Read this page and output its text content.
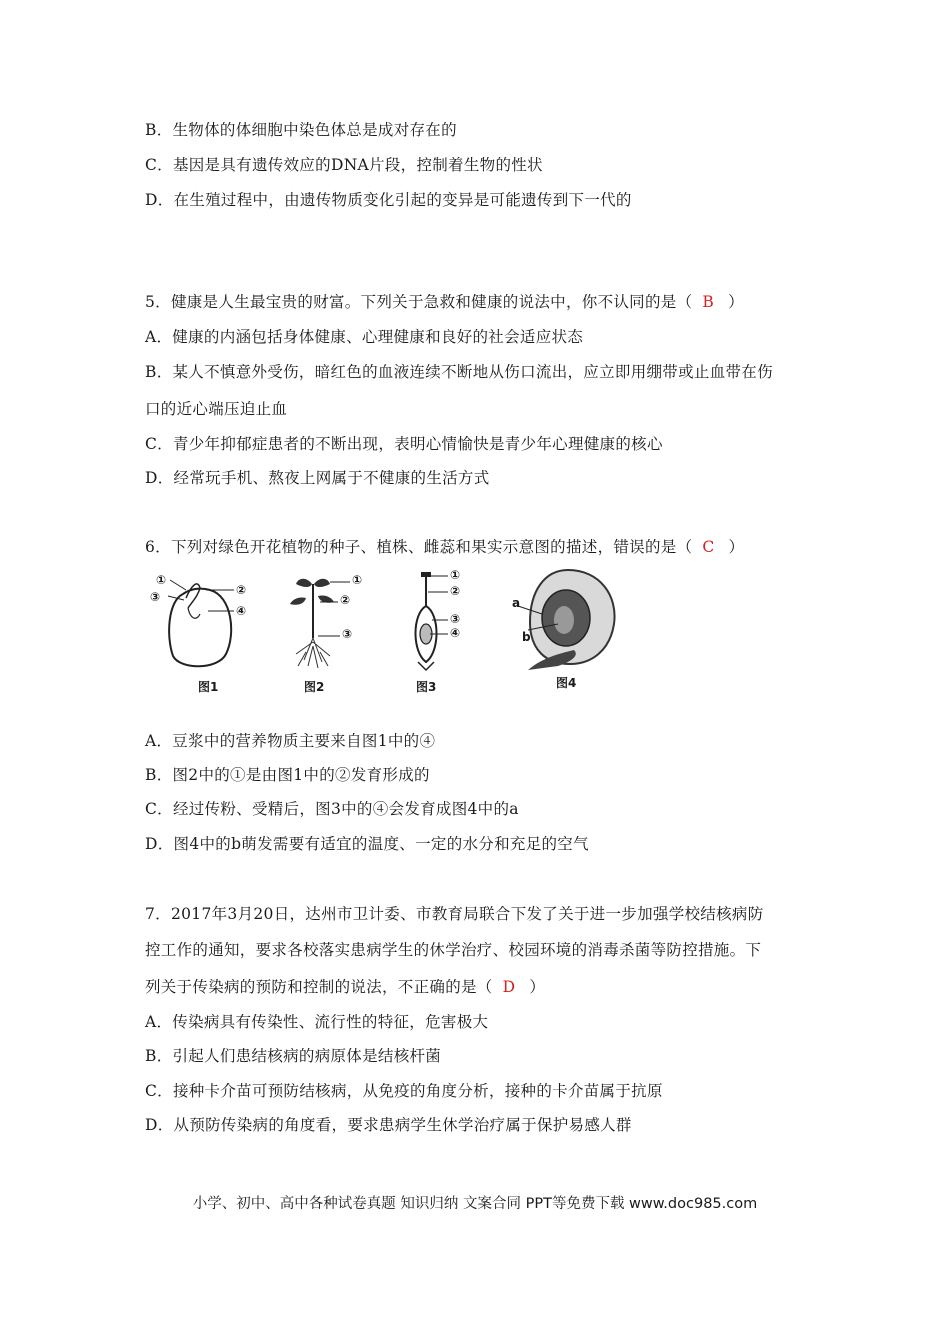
B．生物体的体细胞中染色体总是成对存在的
C．基因是具有遗传效应的DNA片段，控制着生物的性状
D．在生殖过程中，由遗传物质变化引起的变异是可能遗传到下一代的
5．健康是人生最宝贵的财富。下列关于急救和健康的说法中，你不认同的是（ B ）
A．健康的内涵包括身体健康、心理健康和良好的社会适应状态
B．某人不慎意外受伤，暗红色的血液连续不断地从伤口流出，应立即用绷带或止血带在伤
口的近心端压迫止血
C．青少年抑郁症患者的不断出现，表明心情愉快是青少年心理健康的核心
D．经常玩手机、熬夜上网属于不健康的生活方式
6．下列对绿色开花植物的种子、植株、雌蕊和果实示意图的描述，错误的是（ C ）
①
③	②
④
图1
①
②
③
图2
①
②
③
④
图3
a
b
图4
A．豆浆中的营养物质主要来自图1中的④
B．图2中的①是由图1中的②发育形成的
C．经过传粉、受精后，图3中的④会发育成图4中的a
D．图4中的b萌发需要有适宜的温度、一定的水分和充足的空气
7．2017年3月20日，达州市卫计委、市教育局联合下发了关于进一步加强学校结核病防
控工作的通知，要求各校落实患病学生的休学治疗、校园环境的消毒杀菌等防控措施。下
列关于传染病的预防和控制的说法，不正确的是（ D ）
A．传染病具有传染性、流行性的特征，危害极大
B．引起人们患结核病的病原体是结核杆菌
C．接种卡介苗可预防结核病，从免疫的角度分析，接种的卡介苗属于抗原
D．从预防传染病的角度看，要求患病学生休学治疗属于保护易感人群
小学、初中、高中各种试卷真题 知识归纳 文案合同 PPT等免费下载 www.doc985.com
